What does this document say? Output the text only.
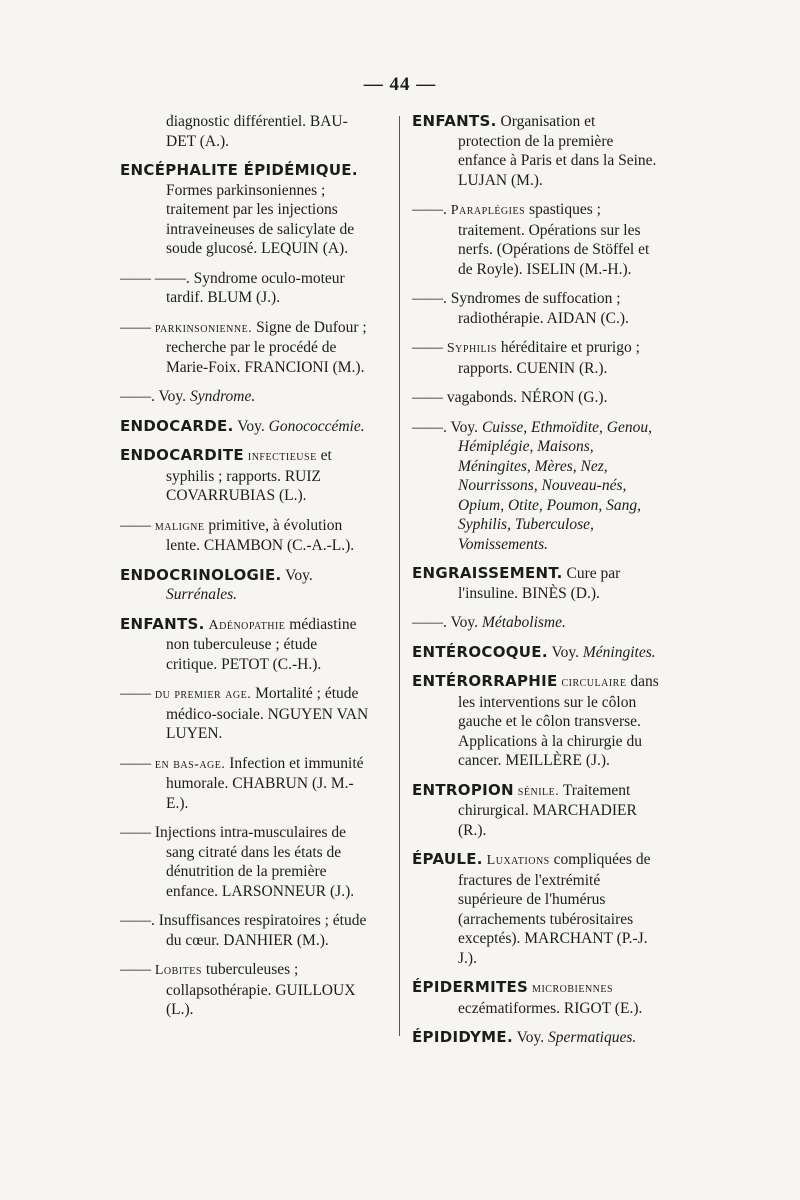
— 44 —
diagnostic différentiel. BAU-DET (A.).
ENCÉPHALITE ÉPIDÉMIQUE. Formes parkinsoniennes ; traitement par les injections intraveineuses de salicylate de soude glucosé. LEQUIN (A).
—— ——. Syndrome oculo-moteur tardif. BLUM (J.).
—— parkinsonienne. Signe de Dufour ; recherche par le procédé de Marie-Foix. FRANCIONI (M.).
——. Voy. Syndrome.
ENDOCARDE. Voy. Gonococcémie.
ENDOCARDITE infectieuse et syphilis ; rapports. RUIZ COVARRUBIAS (L.).
—— maligne primitive, à évolution lente. CHAMBON (C.-A.-L.).
ENDOCRINOLOGIE. Voy. Surrénales.
ENFANTS. Adénopathie médiastine non tuberculeuse ; étude critique. PETOT (C.-H.).
—— du premier age. Mortalité ; étude médico-sociale. NGUYEN VAN LUYEN.
—— en bas-age. Infection et immunité humorale. CHABRUN (J. M.-E.).
—— Injections intra-musculaires de sang citraté dans les états de dénutrition de la première enfance. LARSONNEUR (J.).
——. Insuffisances respiratoires ; étude du cœur. DANHIER (M.).
—— Lobites tuberculeuses ; collapsothérapie. GUILLOUX (L.).
ENFANTS. Organisation et protection de la première enfance à Paris et dans la Seine. LUJAN (M.).
——. Paraplégies spastiques ; traitement. Opérations sur les nerfs. (Opérations de Stöffel et de Royle). ISELIN (M.-H.).
——. Syndromes de suffocation ; radiothérapie. AIDAN (C.).
—— Syphilis héréditaire et prurigo ; rapports. CUENIN (R.).
—— vagabonds. NÉRON (G.).
——. Voy. Cuisse, Ethmoïdite, Genou, Hémiplégie, Maisons, Méningites, Mères, Nez, Nourrissons, Nouveau-nés, Opium, Otite, Poumon, Sang, Syphilis, Tuberculose, Vomissements.
ENGRAISSEMENT. Cure par l'insuline. BINÈS (D.).
——. Voy. Métabolisme.
ENTÉROCOQUE. Voy. Méningites.
ENTÉRORRAPHIE circulaire dans les interventions sur le côlon gauche et le côlon transverse. Applications à la chirurgie du cancer. MEILLÈRE (J.).
ENTROPION sénile. Traitement chirurgical. MARCHADIER (R.).
ÉPAULE. Luxations compliquées de fractures de l'extrémité supérieure de l'humérus (arrachements tubérositaires exceptés). MARCHANT (P.-J. J.).
ÉPIDERMITES microbiennes eczématiformes. RIGOT (E.).
ÉPIDIDYME. Voy. Spermatiques.
